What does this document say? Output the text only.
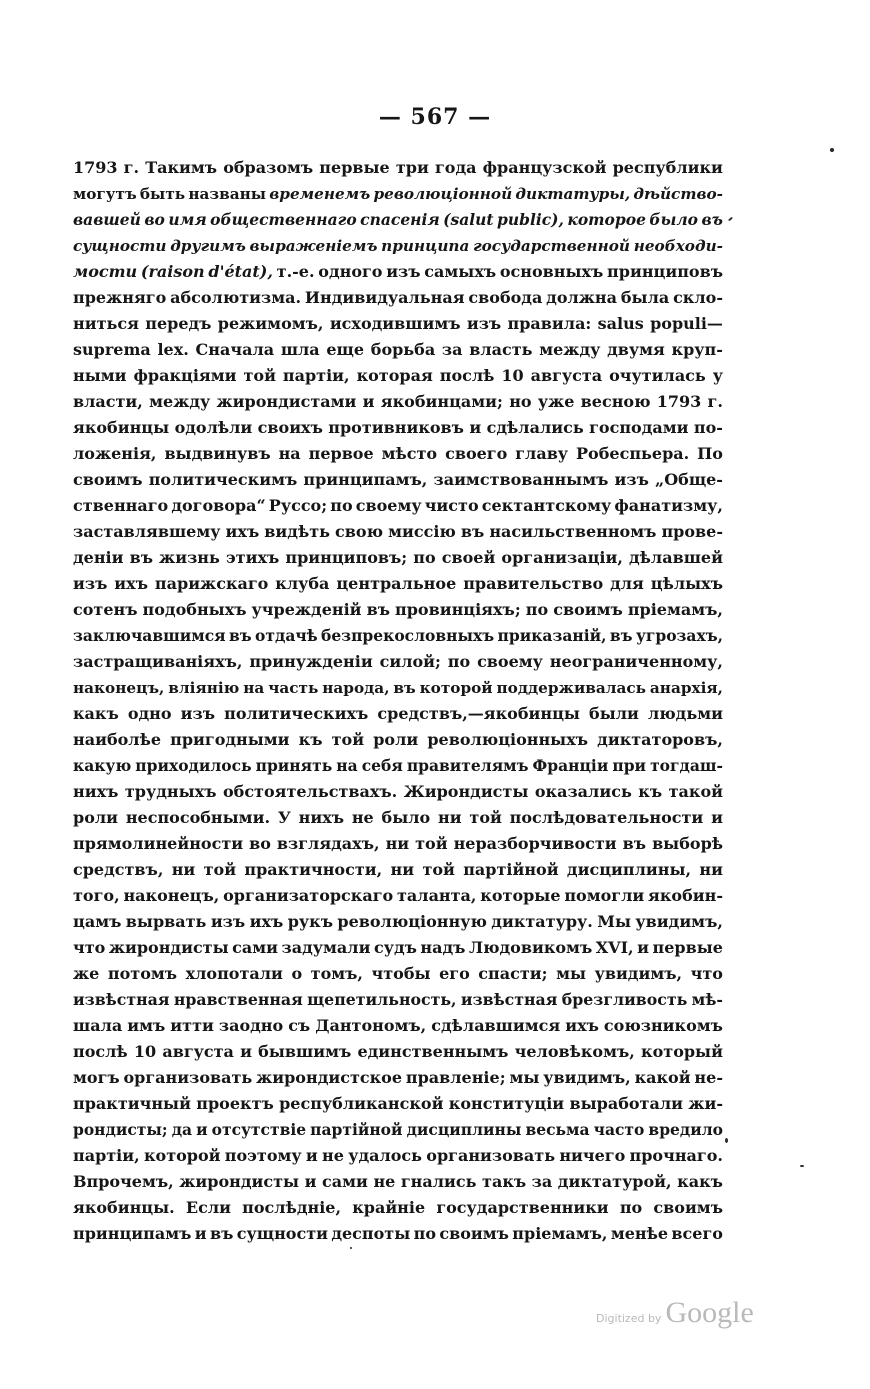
— 567 —
1793 г. Такимъ образомъ первые три года французской республики
могутъ быть названы временемъ революціонной диктатуры, дѣйство-
вавшей во имя общественнаго спасенія (salut public), которое было въ
сущности другимъ выраженіемъ принципа государственной необходи-
мости (raison d'état), т.-е. одного изъ самыхъ основныхъ принциповъ
прежняго абсолютизма. Индивидуальная свобода должна была скло-
ниться передъ режимомъ, исходившимъ изъ правила: salus populi—
suprema lex. Сначала шла еще борьба за власть между двумя круп-
ными фракціями той партіи, которая послѣ 10 августа очутилась у
власти, между жирондистами и якобинцами; но уже весною 1793 г.
якобинцы одолѣли своихъ противниковъ и сдѣлались господами по-
ложенія, выдвинувъ на первое мѣсто своего главу Робеспьера. По
своимъ политическимъ принципамъ, заимствованнымъ изъ „Обще-
ственнаго договора“ Руссо; по своему чисто сектантскому фанатизму,
заставлявшему ихъ видѣть свою миссію въ насильственномъ прове-
деніи въ жизнь этихъ принциповъ; по своей организаціи, дѣлавшей
изъ ихъ парижскаго клуба центральное правительство для цѣлыхъ
сотенъ подобныхъ учрежденій въ провинціяхъ; по своимъ пріемамъ,
заключавшимся въ отдачѣ безпрекословныхъ приказаній, въ угрозахъ,
застращиваніяхъ, принужденіи силой; по своему неограниченному,
наконецъ, вліянію на часть народа, въ которой поддерживалась анархія,
какъ одно изъ политическихъ средствъ,—якобинцы были людьми
наиболѣе пригодными къ той роли революціонныхъ диктаторовъ,
какую приходилось принять на себя правителямъ Франціи при тогдаш-
нихъ трудныхъ обстоятельствахъ. Жирондисты оказались къ такой
роли неспособными. У нихъ не было ни той послѣдовательности и
прямолинейности во взглядахъ, ни той неразборчивости въ выборѣ
средствъ, ни той практичности, ни той партійной дисциплины, ни
того, наконецъ, организаторскаго таланта, которые помогли якобин-
цамъ вырвать изъ ихъ рукъ революціонную диктатуру. Мы увидимъ,
что жирондисты сами задумали судъ надъ Людовикомъ XVI, и первые
же потомъ хлопотали о томъ, чтобы его спасти; мы увидимъ, что
извѣстная нравственная щепетильность, извѣстная брезгливость мѣ-
шала имъ итти заодно съ Дантономъ, сдѣлавшимся ихъ союзникомъ
послѣ 10 августа и бывшимъ единственнымъ человѣкомъ, который
могъ организовать жирондистское правленіе; мы увидимъ, какой не-
практичный проектъ республиканской конституціи выработали жи-
рондисты; да и отсутствіе партійной дисциплины весьма часто вредило
партіи, которой поэтому и не удалось организовать ничего прочнаго.
Впрочемъ, жирондисты и сами не гнались такъ за диктатурой, какъ
якобинцы. Если послѣдніе, крайніе государственники по своимъ
принципамъ и въ сущности деспоты по своимъ пріемамъ, менѣе всего
Digitized by Google
